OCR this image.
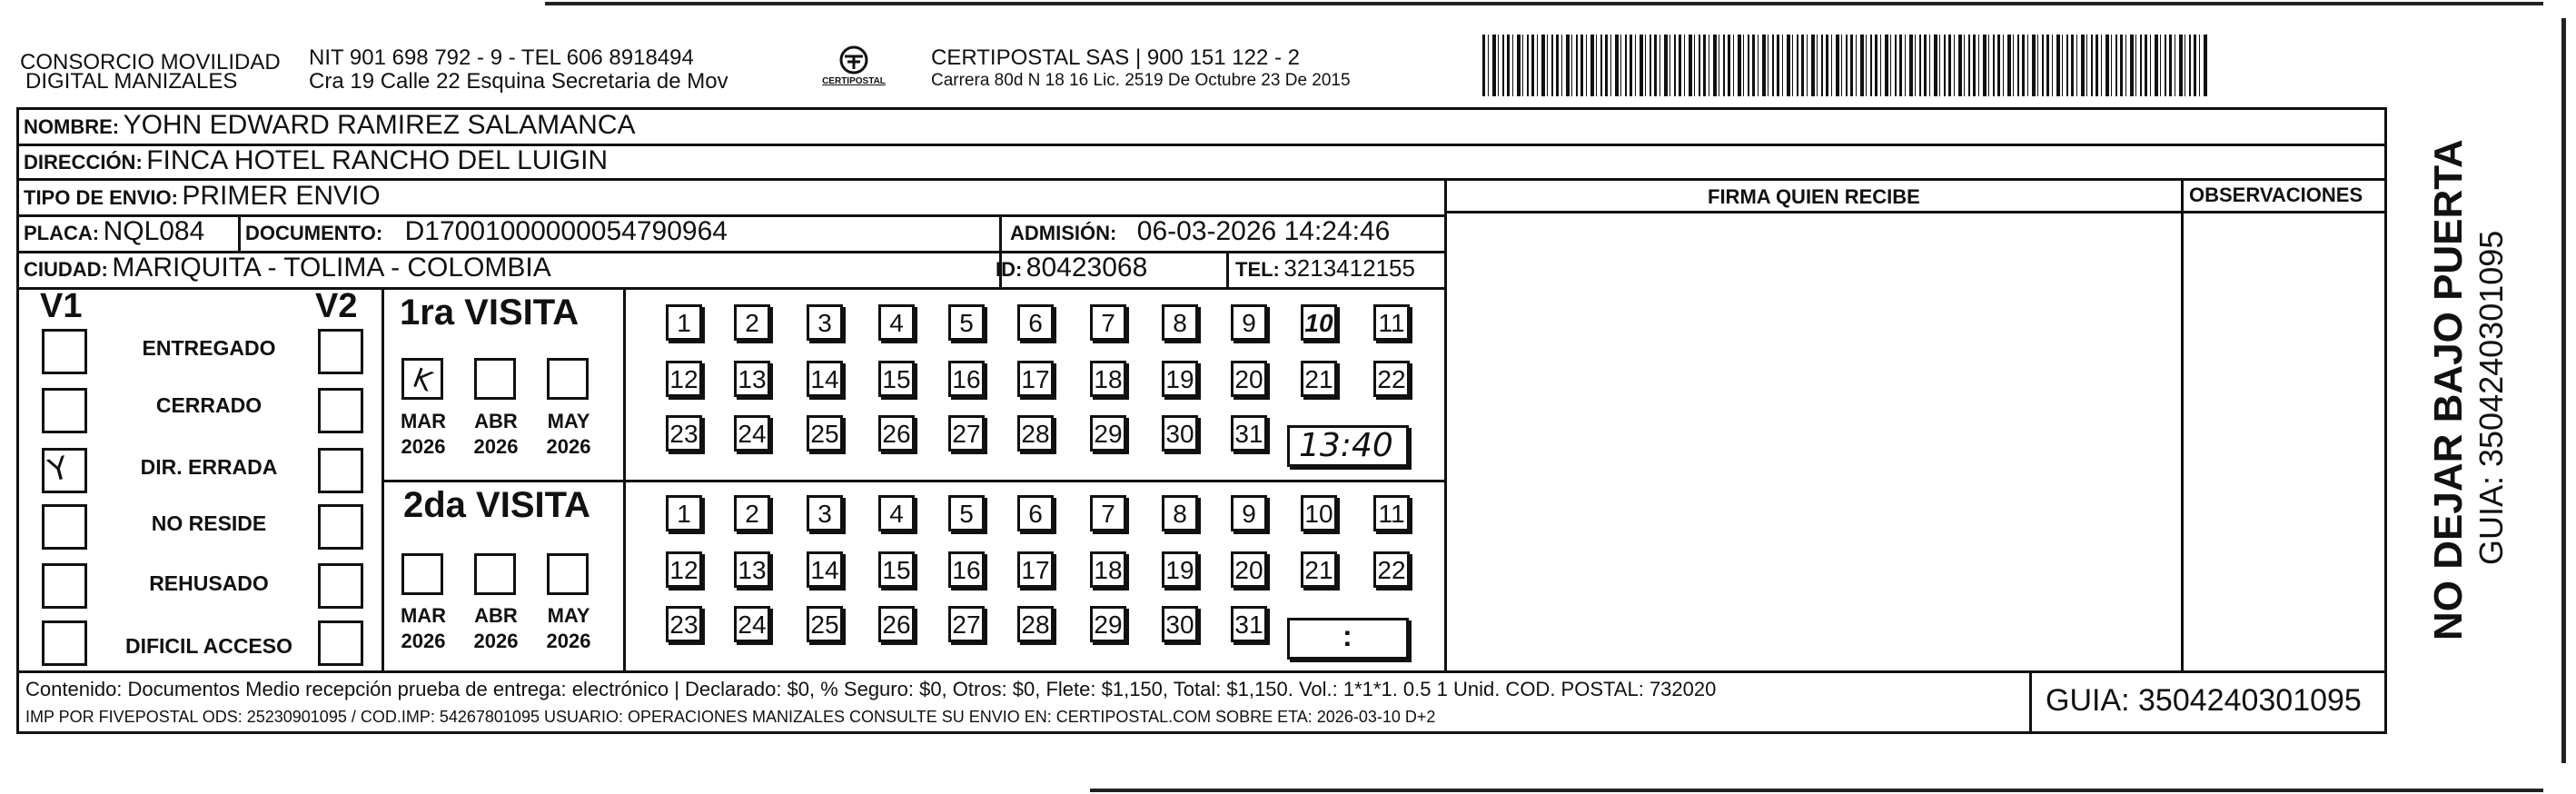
CONSORCIO MOVILIDAD
DIGITAL MANIZALES
NIT 901 698 792 - 9 - TEL 606 8918494
Cra 19 Calle 22 Esquina Secretaria de Mov	CERTIPOSTAL
CERTIPOSTAL SAS | 900 151 122 - 2
Carrera 80d N 18 16 Lic. 2519 De Octubre 23 De 2015
NOMBRE: YOHN EDWARD RAMIREZ SALAMANCA
DIRECCIÓN: FINCA HOTEL RANCHO DEL LUIGIN
TIPO DE ENVIO: PRIMER ENVIO	FIRMA QUIEN RECIBE	OBSERVACIONES
PLACA: NQL084 DOCUMENTO: D17001000000054790964	ADMISIÓN: 06-03-2026 14:24:46
CIUDAD: MARIQUITA - TOLIMA - COLOMBIA	ID: 80423068	TEL: 3213412155
V1	V2
Y
ENTREGADO
CERRADO
DIR. ERRADA
NO RESIDE
REHUSADO
DIFICIL ACCESO
1ra VISITA
K
MAR ABR MAY
2026 2026 2026
1	2	3	4	5	6	7	8	9	10 11
12 13 14 15 16 17 18 19 20 21 22
23 24 25 26 27 28 29 30 31 13:40
2da VISITA
MAR ABR MAY
2026 2026 2026
1	2	3	4	5	6	7	8	9	10 11
12 13 14 15 16 17 18 19 20 21 22
23 24 25 26 27 28 29 30 31	:
Contenido: Documentos Medio recepción prueba de entrega: electrónico | Declarado: $0, % Seguro: $0, Otros: $0, Flete: $1,150, Total: $1,150. Vol.: 1*1*1. 0.5 1 Unid. COD. POSTAL: 732020
IMP POR FIVEPOSTAL ODS: 25230901095 / COD.IMP: 54267801095 USUARIO: OPERACIONES MANIZALES CONSULTE SU ENVIO EN: CERTIPOSTAL.COM SOBRE ETA: 2026-03-10 D+2	GUIA: 3504240301095
NO DEJAR BAJO PUERTA GUIA: 3504240301095
